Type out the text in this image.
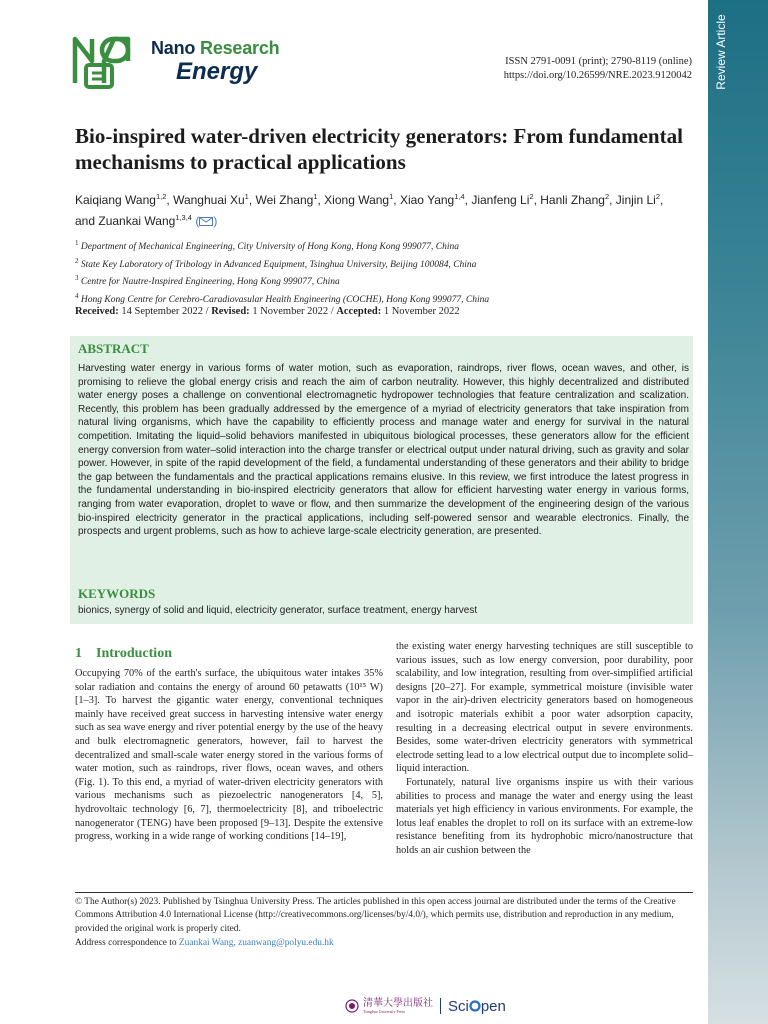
Review Article
Nano Research
Energy	ISSN 2791-0091 (print); 2790-8119 (online)
https://doi.org/10.26599/NRE.2023.9120042
Bio-inspired water-driven electricity generators: From fundamental mechanisms to practical applications
Kaiqiang Wang$^{1,2}$, Wanghuai Xu$^1$, Wei Zhang$^1$, Xiong Wang$^1$, Xiao Yang$^{1,4}$, Jianfeng Li$^2$, Hanli Zhang$^2$, Jinjin Li$^2$,
and Zuankai Wang$^{1,3,4}$ ( )
$^1$ Department of Mechanical Engineering, City University of Hong Kong, Hong Kong 999077, China
$^2$ State Key Laboratory of Tribology in Advanced Equipment, Tsinghua University, Beijing 100084, China
$^3$ Centre for Nautre-Inspired Engineering, Hong Kong 999077, China
$^4$ Hong Kong Centre for Cerebro-Caradiovasular Health Engineering (COCHE), Hong Kong 999077, China
Received: 14 September 2022 / Revised: 1 November 2022 / Accepted: 1 November 2022
ABSTRACT
Harvesting water energy in various forms of water motion, such as evaporation, raindrops, river flows, ocean waves, and other, is promising to relieve the global energy crisis and reach the aim of carbon neutrality. However, this highly decentralized and distributed water energy poses a challenge on conventional electromagnetic hydropower technologies that feature centralization and scalization. Recently, this problem has been gradually addressed by the emergence of a myriad of electricity generators that take inspiration from natural living organisms, which have the capability to efficiently process and manage water and energy for survival in the natural competition. Imitating the liquid–solid behaviors manifested in ubiquitous biological processes, these generators allow for the efficient energy conversion from water–solid interaction into the charge transfer or electrical output under natural driving, such as gravity and solar power. However, in spite of the rapid development of the field, a fundamental understanding of these generators and their ability to bridge the gap between the fundamentals and the practical applications remains elusive. In this review, we first introduce the latest progress in the fundamental understanding in bio-inspired electricity generators that allow for efficient harvesting water energy in various forms, ranging from water evaporation, droplet to wave or flow, and then summarize the development of the engineering design of the various bio-inspired electricity generator in the practical applications, including self-powered sensor and wearable electronics. Finally, the prospects and urgent problems, such as how to achieve large-scale electricity generation, are presented.
KEYWORDS
bionics, synergy of solid and liquid, electricity generator, surface treatment, energy harvest
1    Introduction

Occupying 70% of the earth's surface, the ubiquitous water intakes 35% solar radiation and contains the energy of around 60 petawatts (10¹⁵ W) [1–3]. To harvest the gigantic water energy, conventional techniques mainly have received great success in harvesting intensive water energy such as sea wave energy and river potential energy by the use of the heavy and bulk electromagnetic generators, however, fail to harvest the decentralized and small-scale water energy stored in the various forms of water motion, such as raindrops, river flows, ocean waves, and others (Fig. 1). To this end, a myriad of water-driven electricity generators with various mechanisms such as piezoelectric nanogenerators [4, 5], hydrovoltaic technology [6, 7], thermoelectricity [8], and triboelectric nanogenerator (TENG) have been proposed [9–13]. Despite the extensive progress, working in a wide range of working conditions [14–19],

the existing water energy harvesting techniques are still susceptible to various issues, such as low energy conversion, poor durability, poor scalability, and low integration, resulting from over-simplified artificial designs [20–27]. For example, symmetrical moisture (invisible water vapor in the air)-driven electricity generators based on homogeneous and isotropic materials exhibit a poor water adsorption capacity, resulting in a decreasing electrical output in severe environments. Besides, some water-driven electricity generators with symmetrical electrode setting lead to a low electrical output due to incomplete solid–liquid interaction.

Fortunately, natural live organisms inspire us with their various abilities to process and manage the water and energy using the least materials yet high efficiency in various environments. For example, the lotus leaf enables the droplet to roll on its surface with an extreme-low resistance benefiting from its hydrophobic micro/nanostructure that holds an air cushion between the

© The Author(s) 2023. Published by Tsinghua University Press. The articles published in this open access journal are distributed under the terms of the Creative Commons Attribution 4.0 International License (http://creativecommons.org/licenses/by/4.0/), which permits use, distribution and reproduction in any medium, provided the original work is properly cited.
Address correspondence to Zuankai Wang, zuanwang@polyu.edu.hk
清華大學出版社
Tsinghua University Press	Sci pen
